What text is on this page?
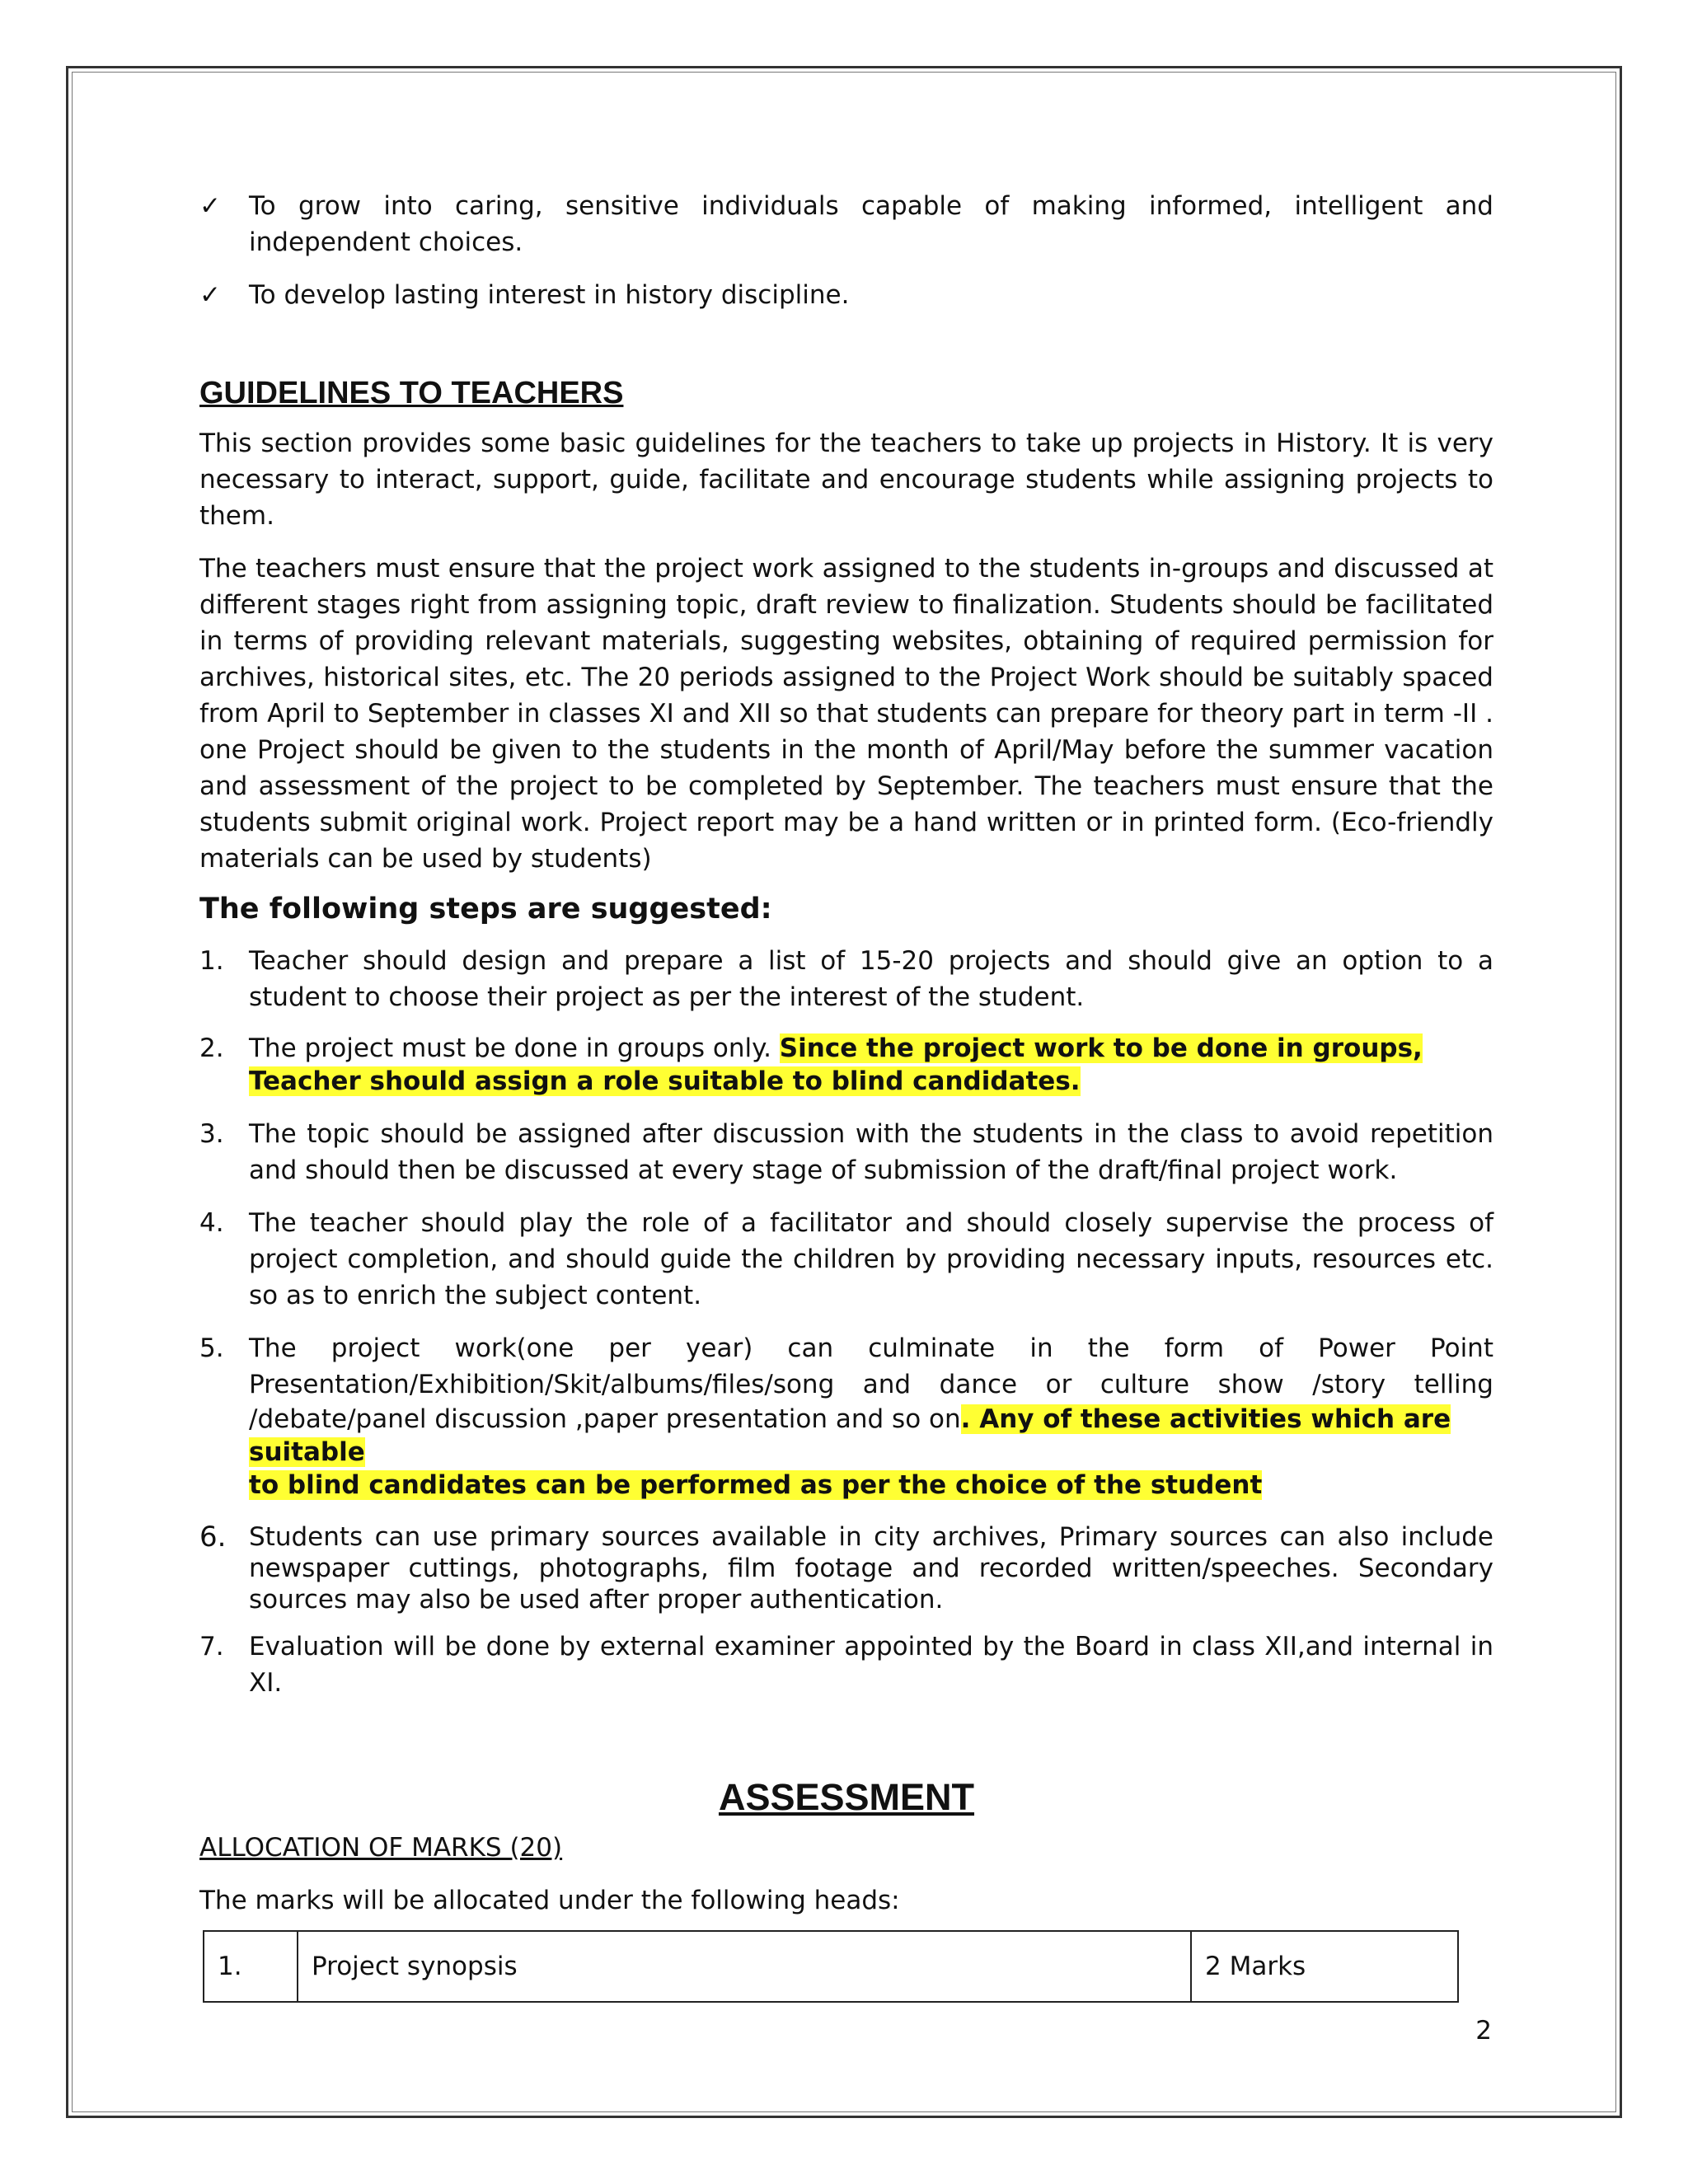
✓ To grow into caring, sensitive individuals capable of making informed, intelligent and independent choices.

✓ To develop lasting interest in history discipline.

GUIDELINES TO TEACHERS

This section provides some basic guidelines for the teachers to take up projects in History. It is very necessary to interact, support, guide, facilitate and encourage students while assigning projects to them.

The teachers must ensure that the project work assigned to the students in-groups and discussed at different stages right from assigning topic, draft review to finalization. Students should be facilitated in terms of providing relevant materials, suggesting websites, obtaining of required permission for archives, historical sites, etc. The 20 periods assigned to the Project Work should be suitably spaced from April to September in classes XI and XII so that students can prepare for theory part in term -II . one Project should be given to the students in the month of April/May before the summer vacation and assessment of the project to be completed by September. The teachers must ensure that the students submit original work. Project report may be a hand written or in printed form. (Eco-friendly materials can be used by students)

The following steps are suggested:

1. Teacher should design and prepare a list of 15-20 projects and should give an option to a student to choose their project as per the interest of the student.

2. The project must be done in groups only. Since the project work to be done in groups,
Teacher should assign a role suitable to blind candidates.

3. The topic should be assigned after discussion with the students in the class to avoid repetition and should then be discussed at every stage of submission of the draft/final project work.

4. The teacher should play the role of a facilitator and should closely supervise the process of project completion, and should guide the children by providing necessary inputs, resources etc. so as to enrich the subject content.

5. The project work(one per year) can culminate in the form of Power Point
Presentation/Exhibition/Skit/albums/files/song and dance or culture show /story telling
/debate/panel discussion ,paper presentation and so on. Any of these activities which are suitable
to blind candidates can be performed as per the choice of the student

6. Students can use primary sources available in city archives, Primary sources can also include newspaper cuttings, photographs, film footage and recorded written/speeches. Secondary sources may also be used after proper authentication.

7. Evaluation will be done by external examiner appointed by the Board in class XII,and internal in XI.

ASSESSMENT

ALLOCATION OF MARKS (20)

The marks will be allocated under the following heads:

1.	Project synopsis	2 Marks
2
